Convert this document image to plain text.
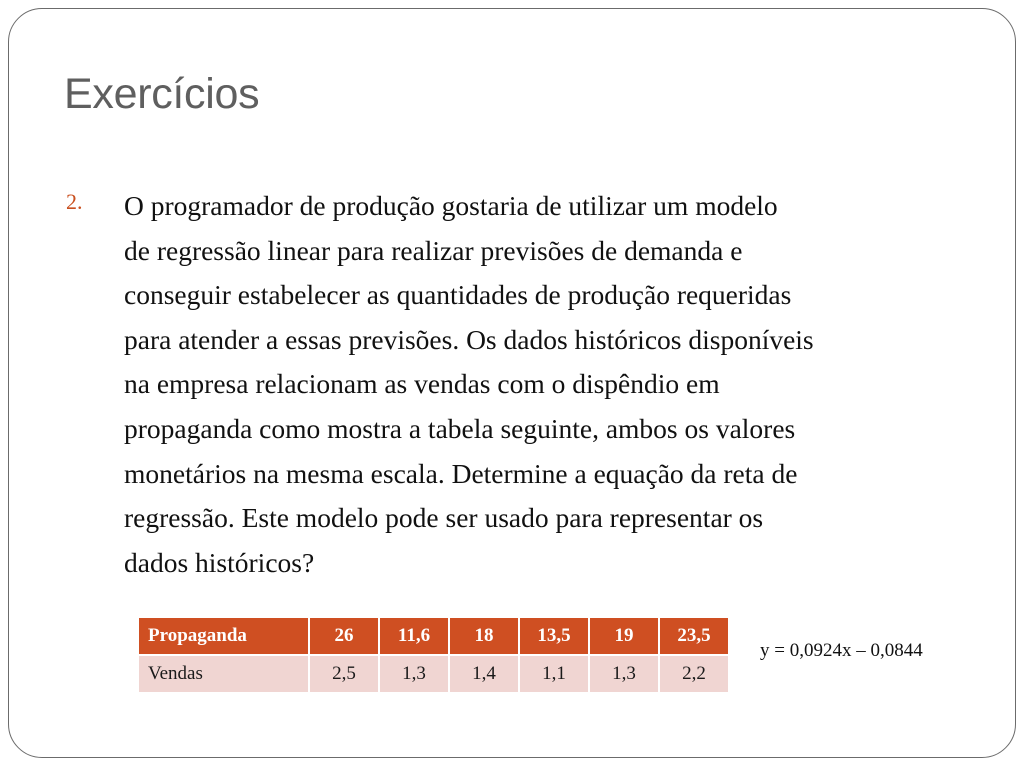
Exercícios
2. O programador de produção gostaria de utilizar um modelo
de regressão linear para realizar previsões de demanda e
conseguir estabelecer as quantidades de produção requeridas
para atender a essas previsões. Os dados históricos disponíveis
na empresa relacionam as vendas com o dispêndio em
propaganda como mostra a tabela seguinte, ambos os valores
monetários na mesma escala. Determine a equação da reta de
regressão. Este modelo pode ser usado para representar os
dados históricos?
Propaganda	26	11,6	18	13,5	19	23,5
Vendas	2,5	1,3	1,4	1,1	1,3	2,2
y = 0,0924x – 0,0844
